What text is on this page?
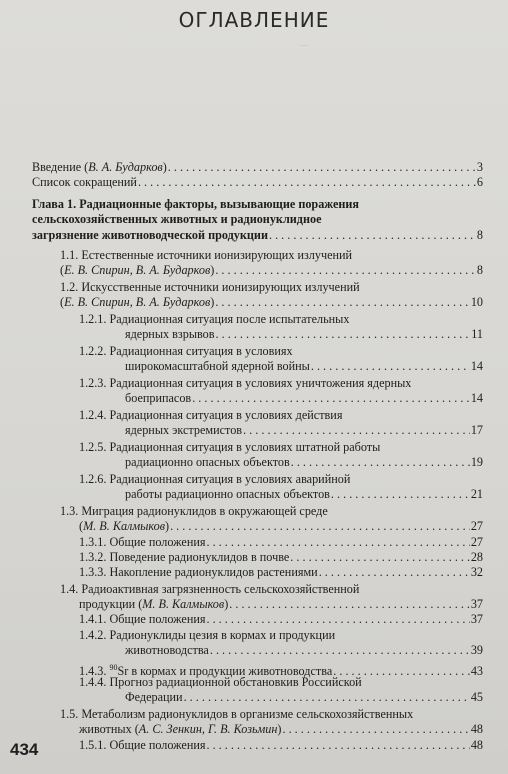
—
ОГЛАВЛЕНИЕ
Введение (В. А. Бударков) . . .	3
Список сокращений . . .	6
Глава 1. Радиационные факторы, вызывающие поражения
сельскохозяйственных животных и радионуклидное
загрязнение животноводческой продукции . . .	8
1.1. Естественные источники ионизирующих излучений
(Е. В. Спирин, В. А. Бударков) . . .	8
1.2. Искусственные источники ионизирующих излучений
(Е. В. Спирин, В. А. Бударков) . . .	10
1.2.1. Радиационная ситуация после испытательных
ядерных взрывов . . .	11
1.2.2. Радиационная ситуация в условиях
широкомасштабной ядерной войны . . .	14
1.2.3. Радиационная ситуация в условиях уничтожения ядерных
боеприпасов . . .	14
1.2.4. Радиационная ситуация в условиях действия
ядерных экстремистов . . .	17
1.2.5. Радиационная ситуация в условиях штатной работы
радиационно опасных объектов . . .	19
1.2.6. Радиационная ситуация в условиях аварийной
работы радиационно опасных объектов . . .	21
1.3. Миграция радионуклидов в окружающей среде
(М. В. Калмыков) . . .	27
1.3.1. Общие положения . . .	27
1.3.2. Поведение радионуклидов в почве . . .	28
1.3.3. Накопление радионуклидов растениями . . .	32
1.4. Радиоактивная загрязненность сельскохозяйственной
продукции (М. В. Калмыков) . . .	37
1.4.1. Общие положения . . .	37
1.4.2. Радионуклиды цезия в кормах и продукции
животноводства . . .	39
1.4.3. $^{90}$Sr в кормах и продукции животноводства . . .	43
1.4.4. Прогноз радиационной обстановкив Российской
Федерации . . .	45
1.5. Метаболизм радионуклидов в организме сельскохозяйственных
животных (А. С. Зенкин, Г. В. Козьмин) . . .	48
1.5.1. Общие положения . . .	48
434
